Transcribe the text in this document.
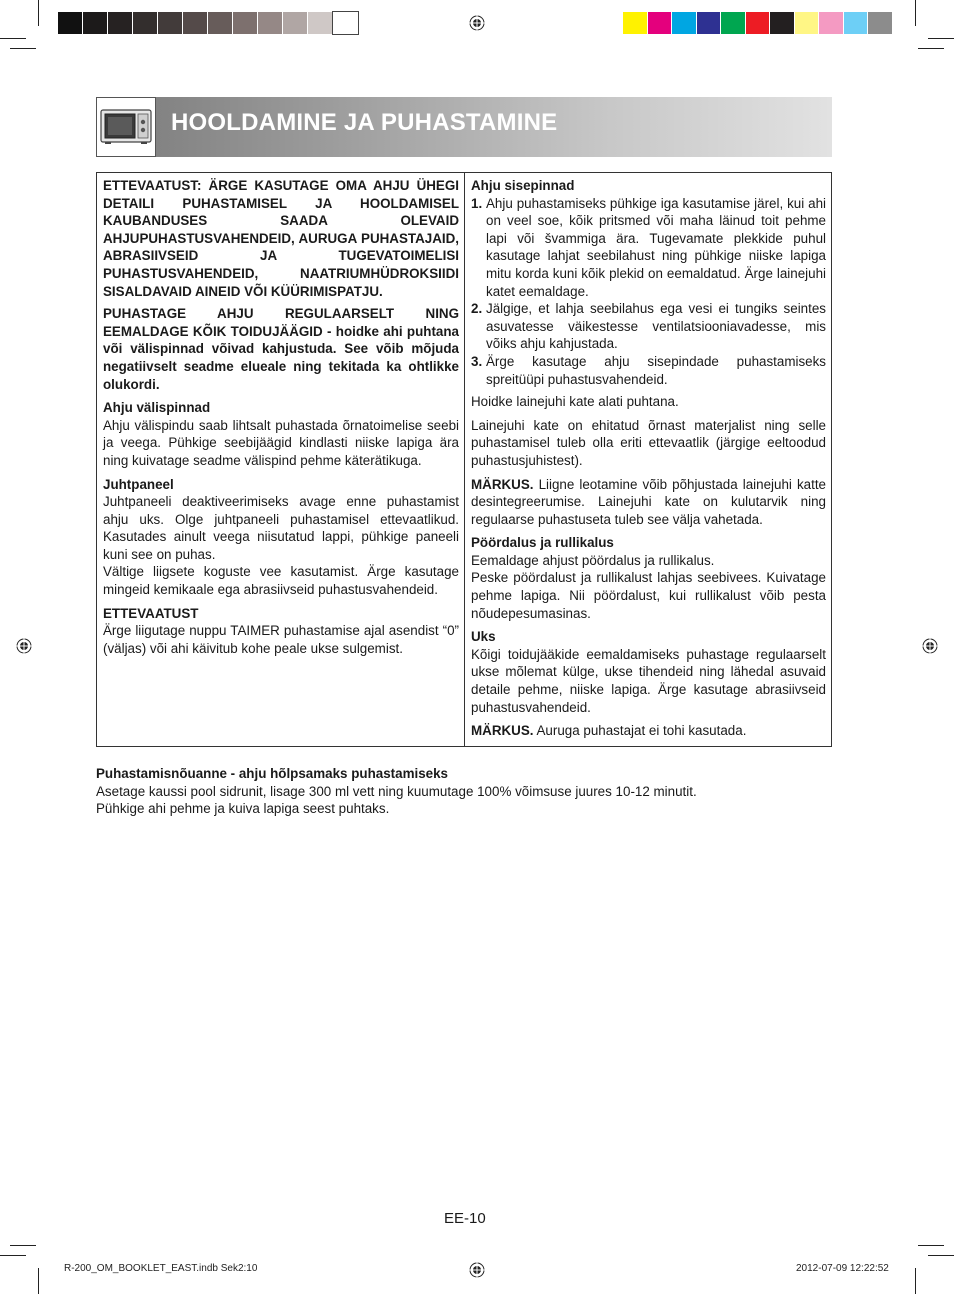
HOOLDAMINE JA PUHASTAMINE

ETTEVAATUST: ÄRGE KASUTAGE OMA AHJU ÜHEGI DETAILI PUHASTAMISEL JA HOOLDAMISEL KAUBANDUSES SAADA OLEVAID AHJUPUHASTUSVAHENDEID, AURUGA PUHASTAJAID, ABRASIIVSEID JA TUGEVATOIMELISI PUHASTUSVAHENDEID, NAATRIUMHÜDROKSIIDI SISALDAVAID AINEID VÕI KÜÜRIMISPATJU.

PUHASTAGE AHJU REGULAARSELT NING EEMALDAGE KÕIK TOIDUJÄÄGID - hoidke ahi puhtana või välispinnad võivad kahjustuda. See võib mõjuda negatiivselt seadme elueale ning tekitada ka ohtlikke olukordi.

Ahju välispinnad

Ahju välispindu saab lihtsalt puhastada õrnatoimelise seebi ja veega. Pühkige seebijäägid kindlasti niiske lapiga ära ning kuivatage seadme välispind pehme käterätikuga.

Juhtpaneel

Juhtpaneeli deaktiveerimiseks avage enne puhastamist ahju uks. Olge juhtpaneeli puhastamisel ettevaatlikud. Kasutades ainult veega niisutatud lappi, pühkige paneeli kuni see on puhas.

Vältige liigsete koguste vee kasutamist. Ärge kasutage mingeid kemikaale ega abrasiivseid puhastusvahendeid.

ETTEVAATUST

Ärge liigutage nuppu TAIMER puhastamise ajal asendist “0” (väljas) või ahi käivitub kohe peale ukse sulgemist.

Ahju sisepinnad
1. Ahju puhastamiseks pühkige iga kasutamise järel, kui ahi on veel soe, kõik pritsmed või maha läinud toit pehme lapi või švammiga ära. Tugevamate plekkide puhul kasutage lahjat seebilahust ning pühkige niiske lapiga mitu korda kuni kõik plekid on eemaldatud. Ärge lainejuhi katet eemaldage.
2. Jälgige, et lahja seebilahus ega vesi ei tungiks seintes asuvatesse väikestesse ventilatsiooniavadesse, mis võiks ahju kahjustada.
3. Ärge kasutage ahju sisepindade puhastamiseks spreitüüpi puhastusvahendeid.

Hoidke lainejuhi kate alati puhtana.

Lainejuhi kate on ehitatud õrnast materjalist ning selle puhastamisel tuleb olla eriti ettevaatlik (järgige eeltoodud puhastusjuhistest).

MÄRKUS. Liigne leotamine võib põhjustada lainejuhi katte desintegreerumise. Lainejuhi kate on kulutarvik ning regulaarse puhastuseta tuleb see välja vahetada.

Pöördalus ja rullikalus

Eemaldage ahjust pöördalus ja rullikalus.

Peske pöördalust ja rullikalust lahjas seebivees. Kuivatage pehme lapiga. Nii pöördalust, kui rullikalust võib pesta nõudepesumasinas.

Uks

Kõigi toidujääkide eemaldamiseks puhastage regulaarselt ukse mõlemat külge, ukse tihendeid ning lähedal asuvaid detaile pehme, niiske lapiga. Ärge kasutage abrasiivseid puhastusvahendeid.

MÄRKUS. Auruga puhastajat ei tohi kasutada.

Puhastamisnõuanne - ahju hõlpsamaks puhastamiseks

Asetage kaussi pool sidrunit, lisage 300 ml vett ning kuumutage 100% võimsuse juures 10-12 minutit.

Pühkige ahi pehme ja kuiva lapiga seest puhtaks.

EE-10
R-200_OM_BOOKLET_EAST.indb Sek2:10	2012-07-09 12:22:52
